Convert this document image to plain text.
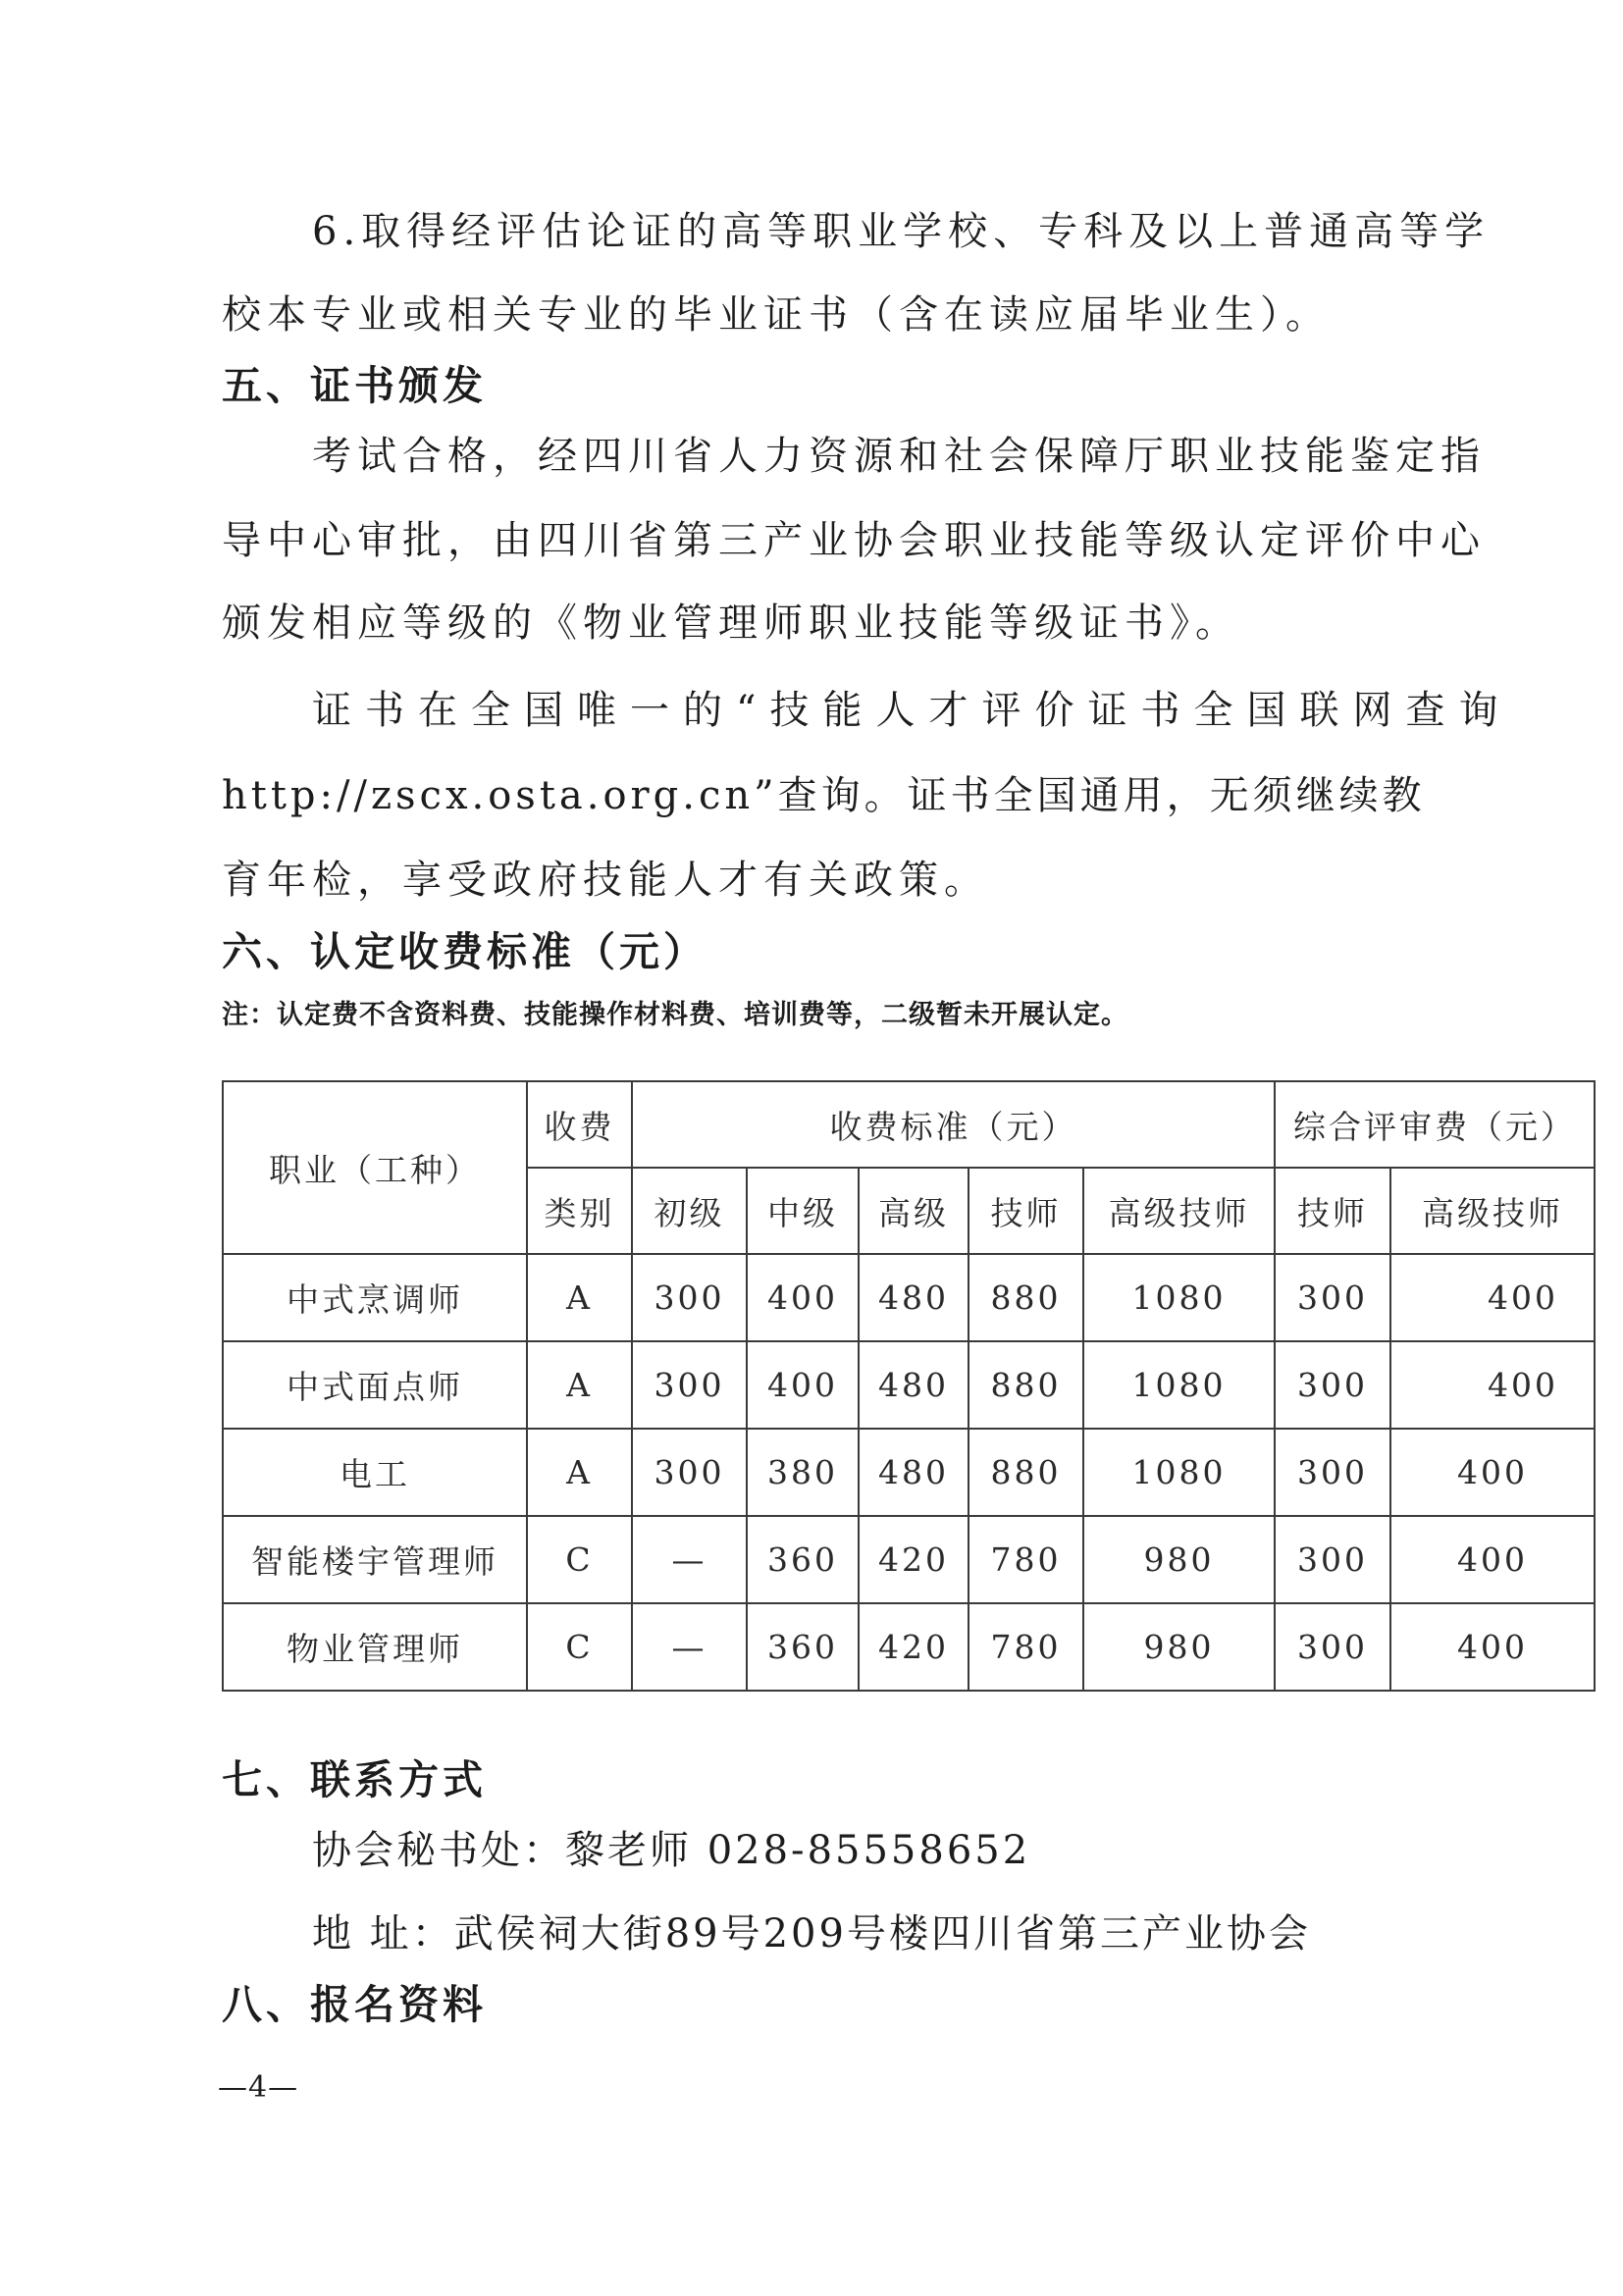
6.取得经评估论证的高等职业学校、专科及以上普通高等学
校本专业或相关专业的毕业证书（含在读应届毕业生）。
五、证书颁发
考试合格，经四川省人力资源和社会保障厅职业技能鉴定指
导中心审批，由四川省第三产业协会职业技能等级认定评价中心
颁发相应等级的《物业管理师职业技能等级证书》。
证书在全国唯一的“技能人才评价证书全国联网查询
http://zscx.osta.org.cn”查询。证书全国通用，无须继续教
育年检，享受政府技能人才有关政策。
六、认定收费标准（元）
注：认定费不含资料费、技能操作材料费、培训费等，二级暂未开展认定。
职业（工种）	收费	收费标准（元）					综合评审费（元）	
	类别	初级	中级	高级	技师	高级技师	技师	高级技师
中式烹调师	A	300	400	480	880	1080	300	400
中式面点师	A	300	400	480	880	1080	300	400
电工	A	300	380	480	880	1080	300	400
智能楼宇管理师	C	—	360	420	780	980	300	400
物业管理师	C	—	360	420	780	980	300	400
七、联系方式
协会秘书处：黎老师 028-85558652
地 址：武侯祠大街89号209号楼四川省第三产业协会
八、报名资料
—4—
